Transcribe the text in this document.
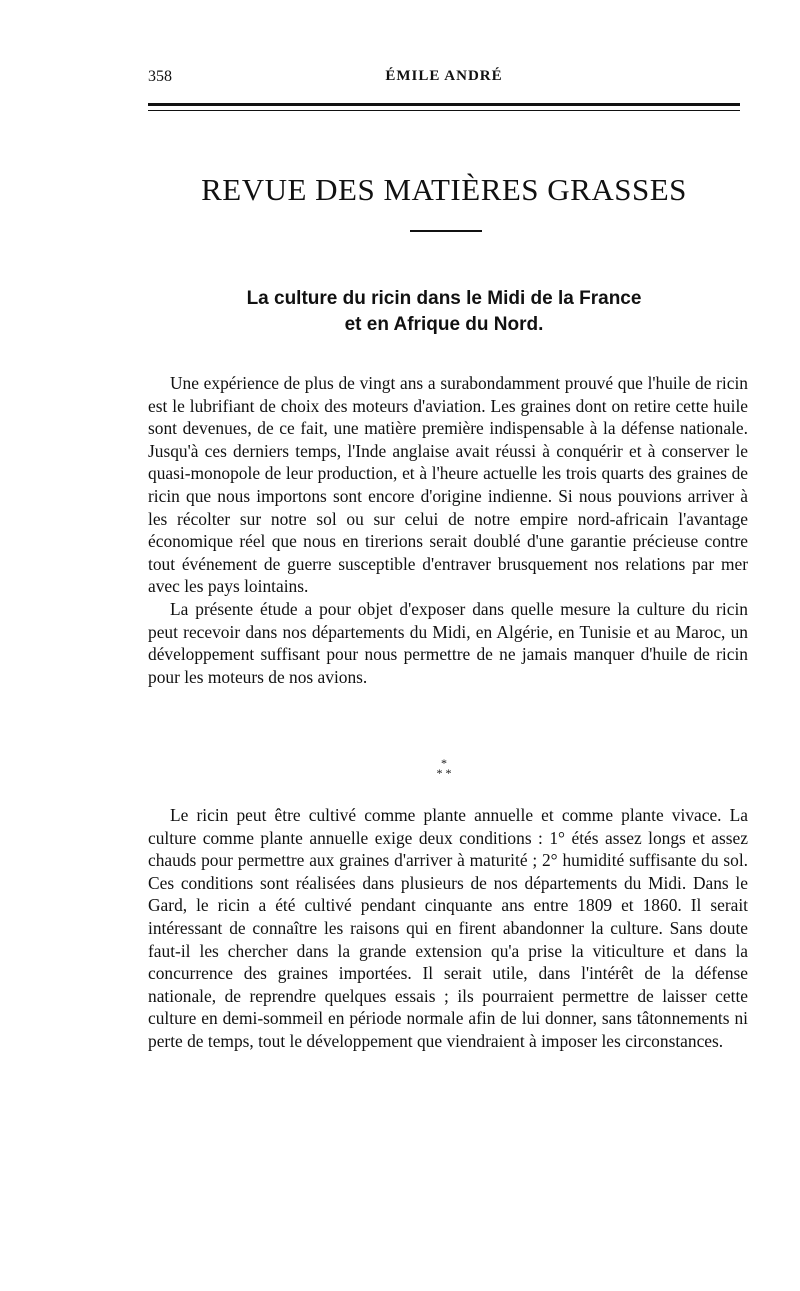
358	ÉMILE ANDRÉ
REVUE DES MATIÈRES GRASSES
La culture du ricin dans le Midi de la France
et en Afrique du Nord.

Une expérience de plus de vingt ans a surabondamment prouvé que l'huile de ricin est le lubrifiant de choix des moteurs d'aviation. Les graines dont on retire cette huile sont devenues, de ce fait, une matière première indispensable à la défense nationale. Jusqu'à ces derniers temps, l'Inde anglaise avait réussi à conquérir et à conserver le quasi-monopole de leur production, et à l'heure actuelle les trois quarts des graines de ricin que nous importons sont encore d'origine indienne. Si nous pouvions arriver à les récolter sur notre sol ou sur celui de notre empire nord-africain l'avantage économique réel que nous en tirerions serait doublé d'une garantie précieuse contre tout événement de guerre susceptible d'entraver brusquement nos relations par mer avec les pays lointains.

La présente étude a pour objet d'exposer dans quelle mesure la culture du ricin peut recevoir dans nos départements du Midi, en Algérie, en Tunisie et au Maroc, un développement suffisant pour nous permettre de ne jamais manquer d'huile de ricin pour les moteurs de nos avions.

*
* *

Le ricin peut être cultivé comme plante annuelle et comme plante vivace. La culture comme plante annuelle exige deux conditions : 1° étés assez longs et assez chauds pour permettre aux graines d'arriver à maturité ; 2° humidité suffisante du sol. Ces conditions sont réalisées dans plusieurs de nos départements du Midi. Dans le Gard, le ricin a été cultivé pendant cinquante ans entre 1809 et 1860. Il serait intéressant de connaître les raisons qui en firent abandonner la culture. Sans doute faut-il les chercher dans la grande extension qu'a prise la viticulture et dans la concurrence des graines importées. Il serait utile, dans l'intérêt de la défense nationale, de reprendre quelques essais ; ils pourraient permettre de laisser cette culture en demi-sommeil en période normale afin de lui donner, sans tâtonnements ni perte de temps, tout le développement que viendraient à imposer les circonstances.
